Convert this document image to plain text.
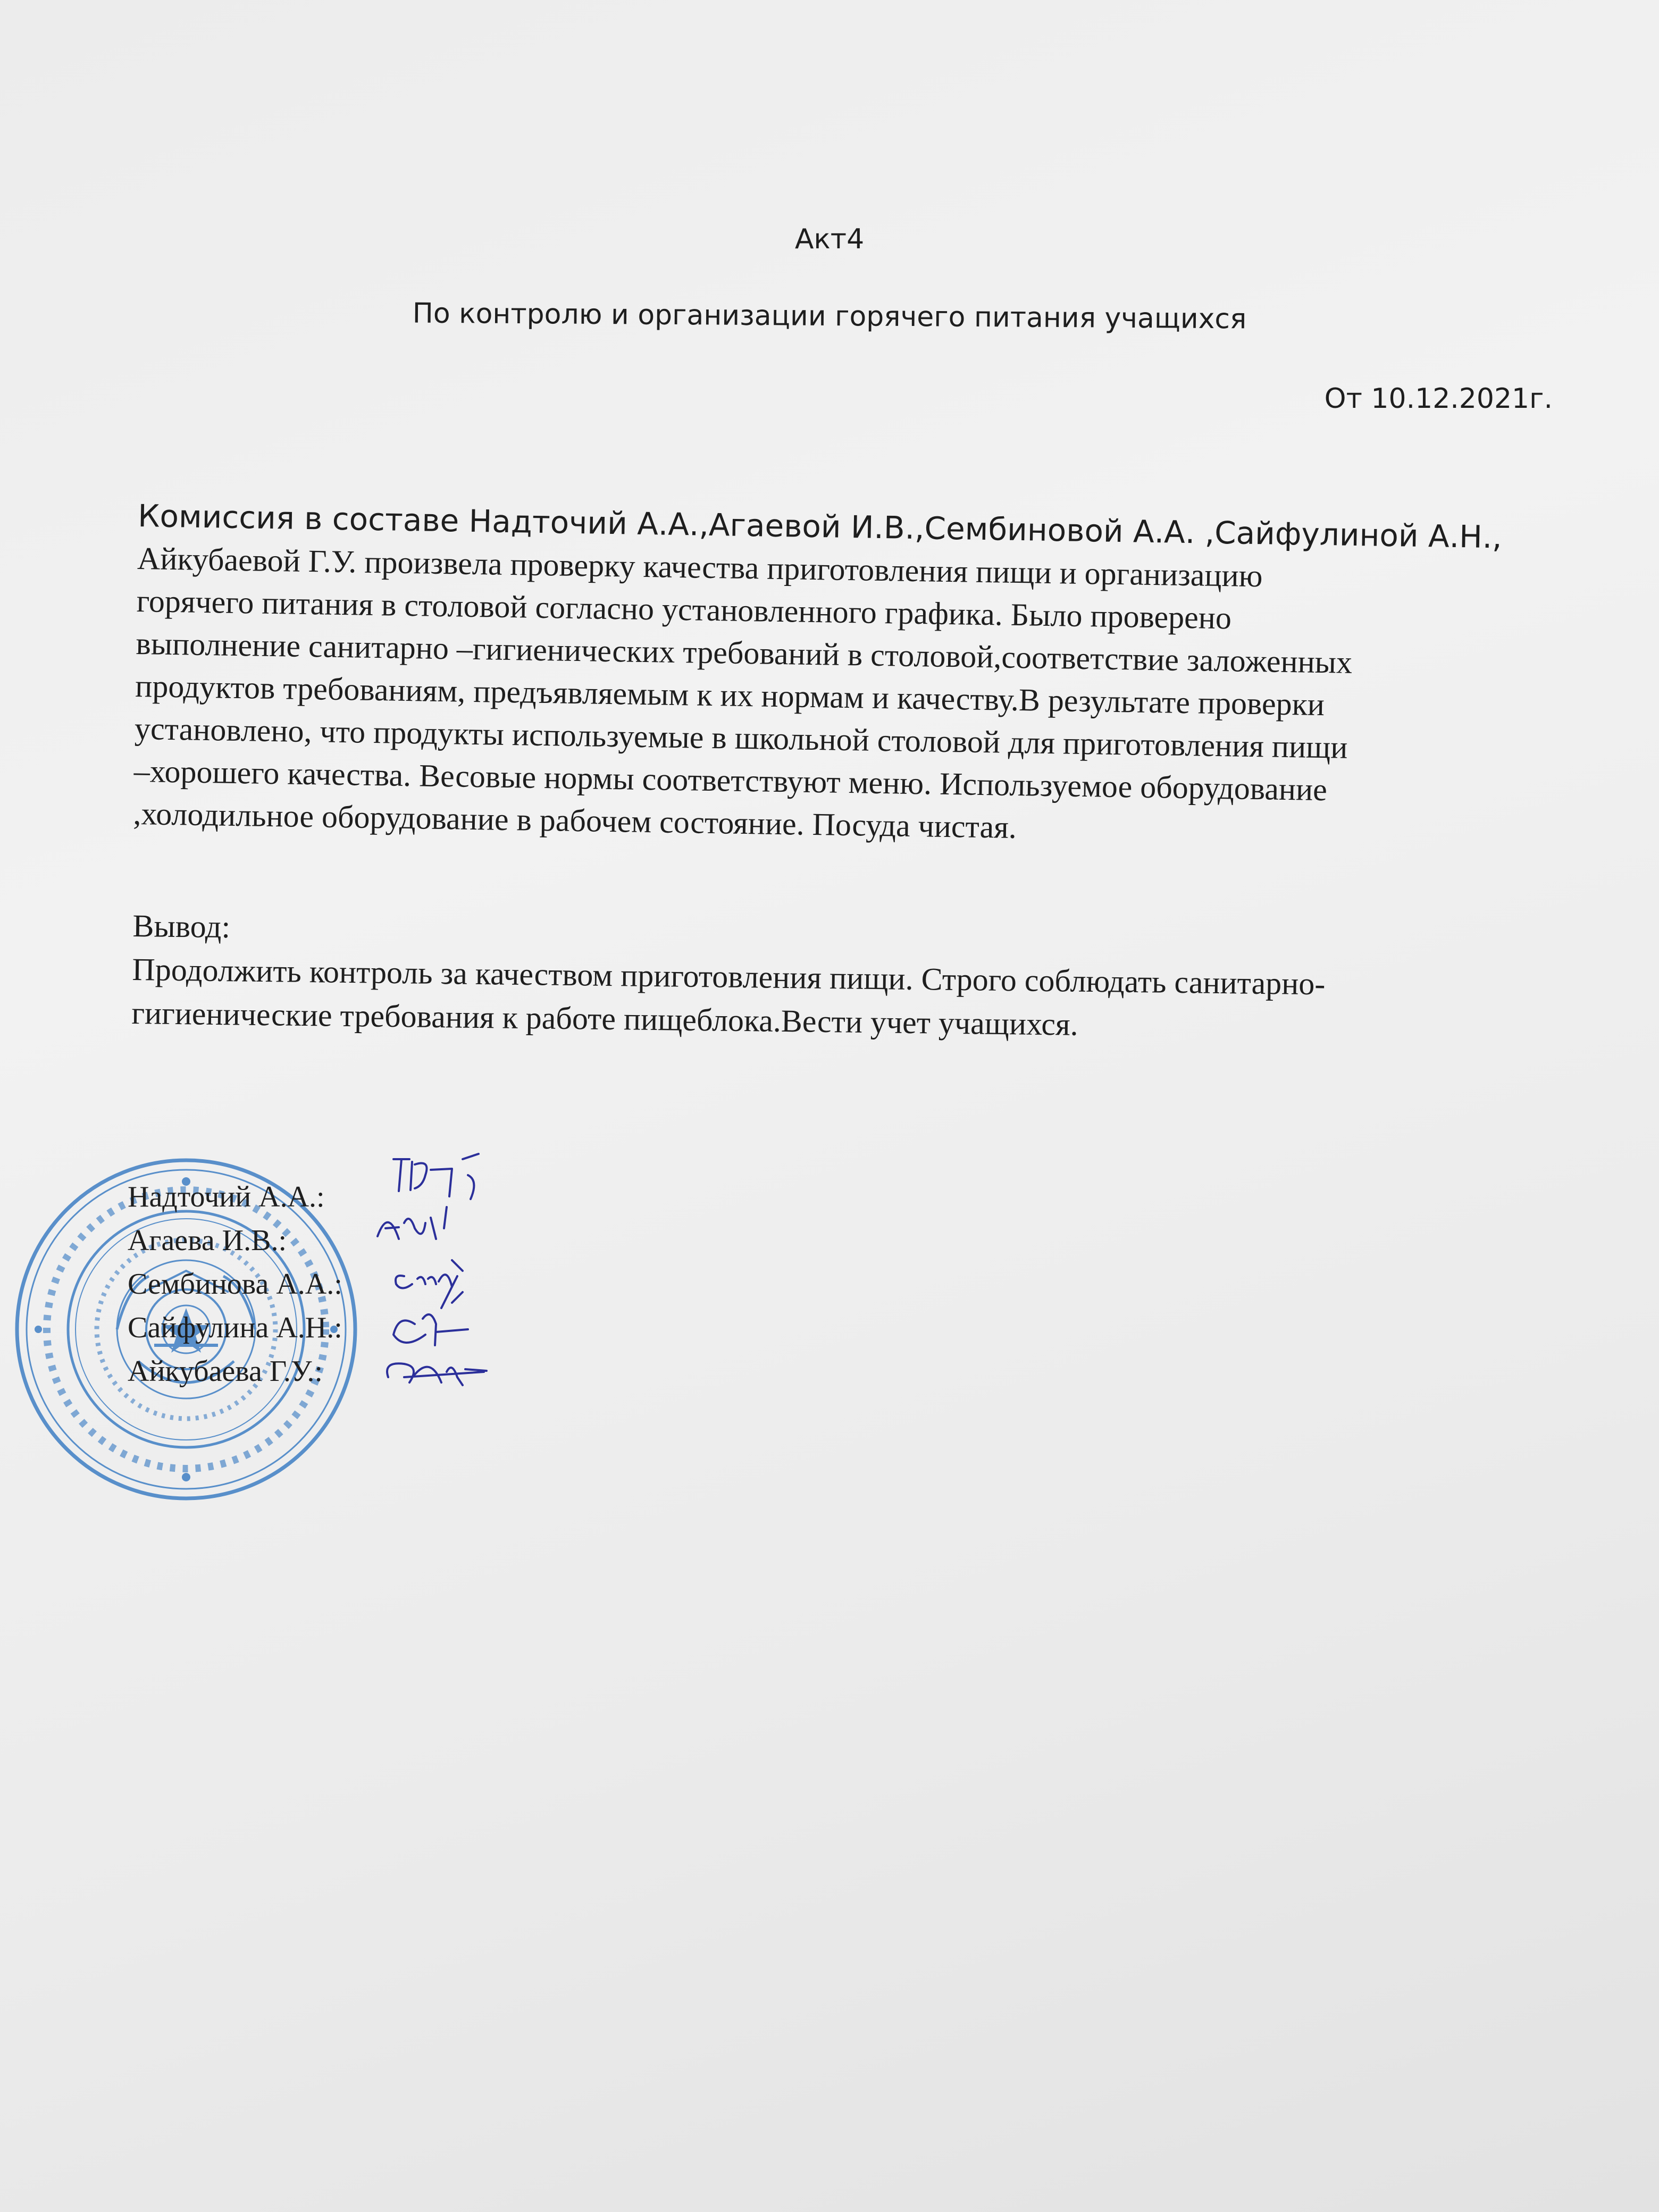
Акт4
По контролю и организации горячего питания учащихся
От 10.12.2021г.
Комиссия в составе Надточий А.А.,Агаевой И.В.,Сембиновой А.А. ,Сайфулиной А.Н.,
Айкубаевой Г.У. произвела проверку качества приготовления пищи и организацию
горячего питания в столовой согласно установленного графика. Было проверено
выполнение санитарно –гигиенических требований в столовой,соответствие заложенных
продуктов требованиям, предъявляемым к их нормам и качеству.В результате проверки
установлено, что продукты используемые в школьной столовой для приготовления пищи
–хорошего качества. Весовые нормы соответствуют меню. Используемое оборудование
,холодильное оборудование в рабочем состояние. Посуда чистая.
Вывод:
Продолжить контроль за качеством приготовления пищи. Строго соблюдать санитарно-
гигиенические требования к работе пищеблока.Вести учет учащихся.
Надточий А.А.:
Агаева И.В.:
Сембинова А.А.:
Сайфулина А.Н.:
Айкубаева Г.У.:
